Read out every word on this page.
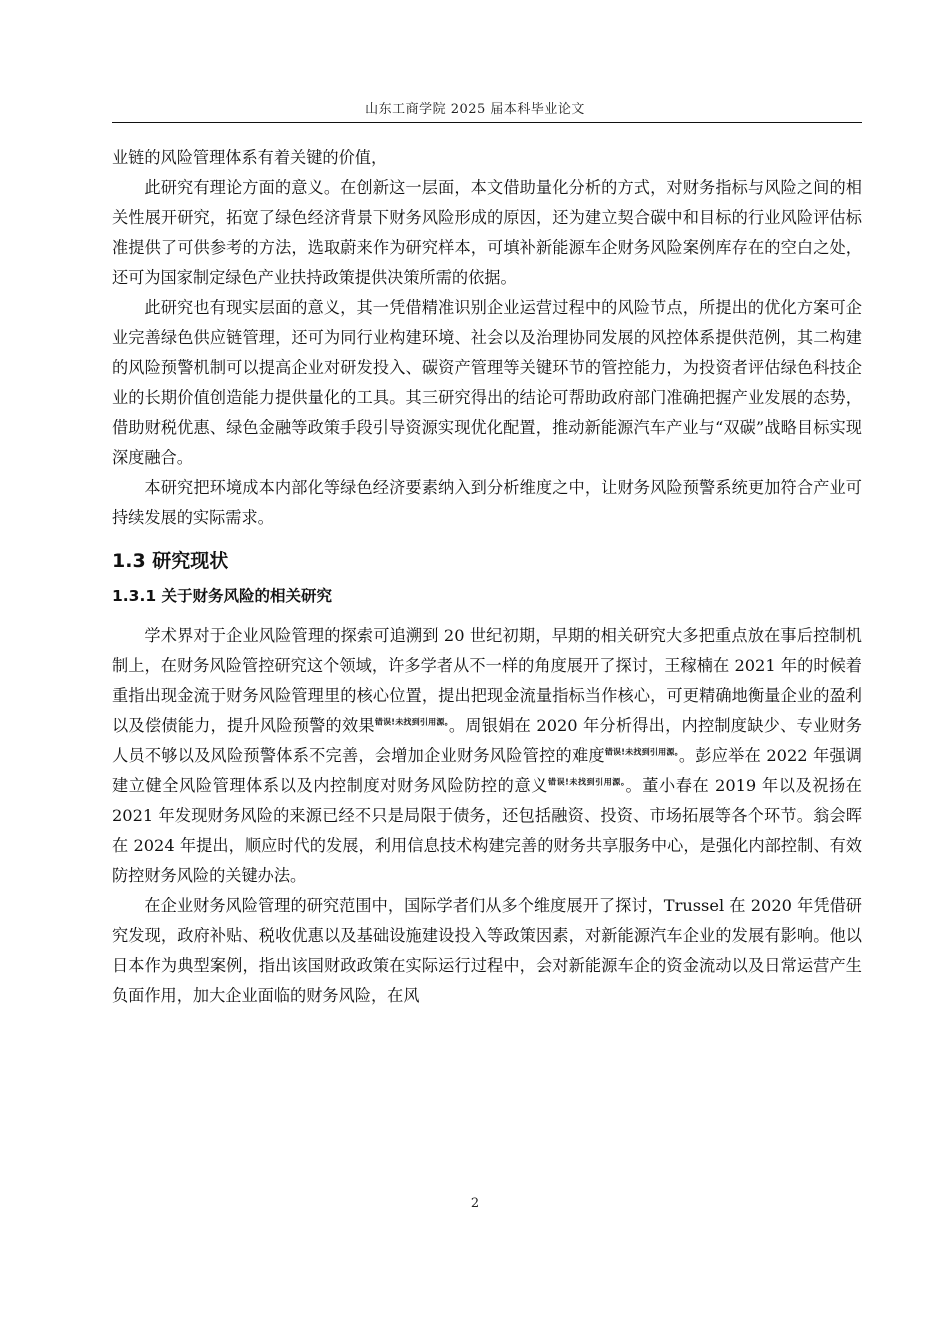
山东工商学院 2025 届本科毕业论文

业链的风险管理体系有着关键的价值，

此研究有理论方面的意义。在创新这一层面，本文借助量化分析的方式，对财务指标与风险之间的相关性展开研究，拓宽了绿色经济背景下财务风险形成的原因，还为建立契合碳中和目标的行业风险评估标准提供了可供参考的方法，选取蔚来作为研究样本，可填补新能源车企财务风险案例库存在的空白之处，还可为国家制定绿色产业扶持政策提供决策所需的依据。

此研究也有现实层面的意义，其一凭借精准识别企业运营过程中的风险节点，所提出的优化方案可企业完善绿色供应链管理，还可为同行业构建环境、社会以及治理协同发展的风控体系提供范例，其二构建的风险预警机制可以提高企业对研发投入、碳资产管理等关键环节的管控能力，为投资者评估绿色科技企业的长期价值创造能力提供量化的工具。其三研究得出的结论可帮助政府部门准确把握产业发展的态势，借助财税优惠、绿色金融等政策手段引导资源实现优化配置，推动新能源汽车产业与“双碳”战略目标实现深度融合。

本研究把环境成本内部化等绿色经济要素纳入到分析维度之中，让财务风险预警系统更加符合产业可持续发展的实际需求。

1.3 研究现状
1.3.1 关于财务风险的相关研究

学术界对于企业风险管理的探索可追溯到 20 世纪初期，早期的相关研究大多把重点放在事后控制机制上，在财务风险管控研究这个领域，许多学者从不一样的角度展开了探讨，王稼楠在 2021 年的时候着重指出现金流于财务风险管理里的核心位置，提出把现金流量指标当作核心，可更精确地衡量企业的盈利以及偿债能力，提升风险预警的效果$^{错误!未找到引用源。}$。周银娟在 2020 年分析得出，内控制度缺少、专业财务人员不够以及风险预警体系不完善，会增加企业财务风险管控的难度$^{错误!未找到引用源。}$。彭应举在 2022 年强调建立健全风险管理体系以及内控制度对财务风险防控的意义$^{错误!未找到引用源。}$。董小春在 2019 年以及祝扬在 2021 年发现财务风险的来源已经不只是局限于债务，还包括融资、投资、市场拓展等各个环节。翁会晖在 2024 年提出，顺应时代的发展，利用信息技术构建完善的财务共享服务中心，是强化内部控制、有效防控财务风险的关键办法。

在企业财务风险管理的研究范围中，国际学者们从多个维度展开了探讨，Trussel 在 2020 年凭借研究发现，政府补贴、税收优惠以及基础设施建设投入等政策因素，对新能源汽车企业的发展有影响。他以日本作为典型案例，指出该国财政政策在实际运行过程中，会对新能源车企的资金流动以及日常运营产生负面作用，加大企业面临的财务风险，在风

2
